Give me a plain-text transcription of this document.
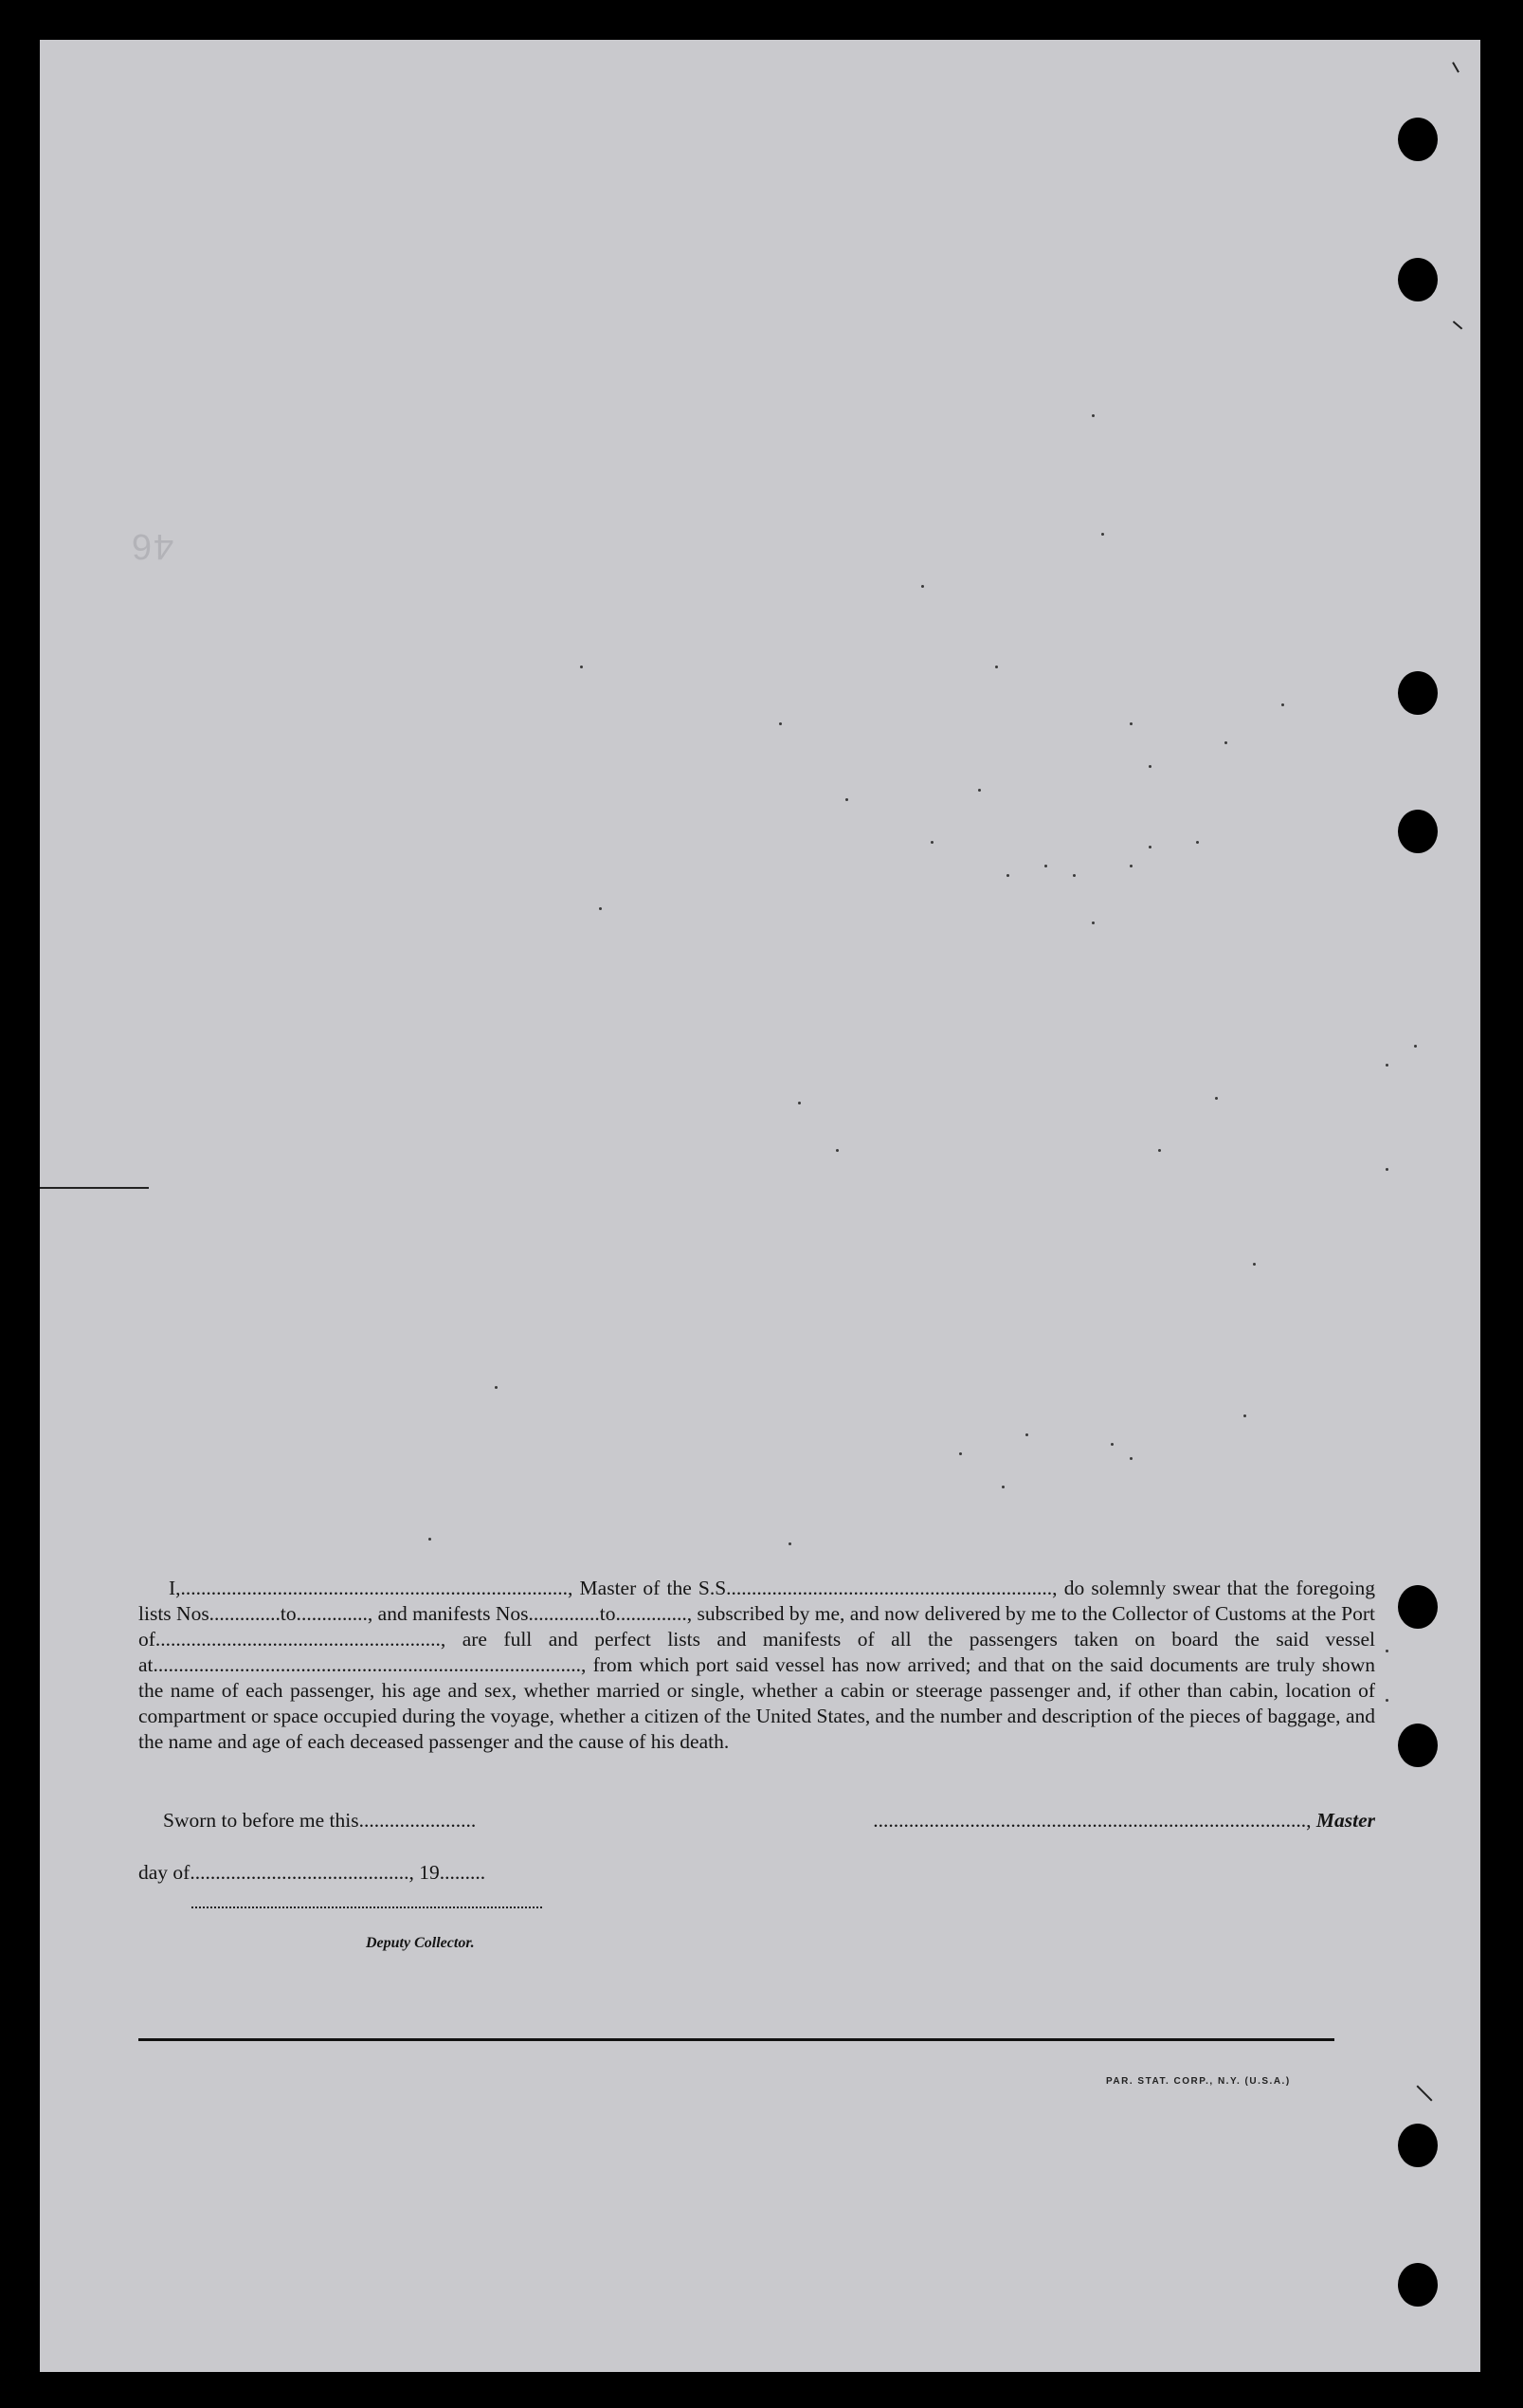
46

I,............................................................................, Master of the S.S................................................................, do solemnly swear that the foregoing lists Nos..............to.............., and manifests Nos..............to.............., subscribed by me, and now delivered by me to the Collector of Customs at the Port of........................................................, are full and perfect lists and manifests of all the passengers taken on board the said vessel at...................................................................................., from which port said vessel has now arrived; and that on the said documents are truly shown the name of each passenger, his age and sex, whether married or single, whether a cabin or steerage passenger and, if other than cabin, location of compartment or space occupied during the voyage, whether a citizen of the United States, and the number and description of the pieces of baggage, and the name and age of each deceased passenger and the cause of his death.

Sworn to before me this.......................	....................................................................................., Master
day of..........................................., 19.........
Deputy Collector.
PAR. STAT. CORP., N.Y. (U.S.A.)
